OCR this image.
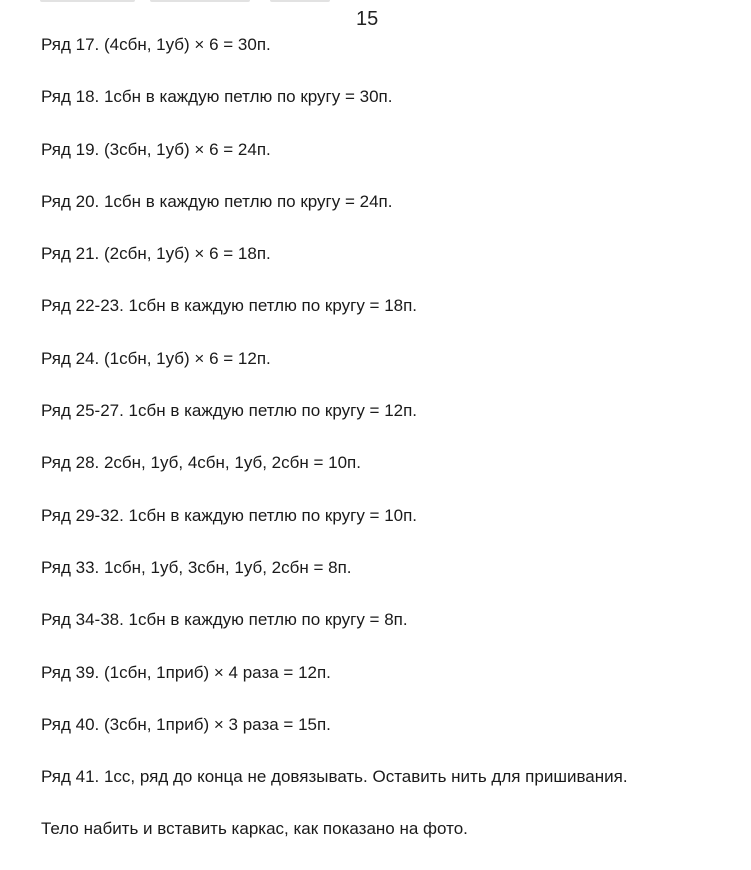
15
Ряд 17. (4сбн, 1уб) × 6 = 30п.
Ряд 18. 1сбн в каждую петлю по кругу = 30п.
Ряд 19. (3сбн, 1уб) × 6 = 24п.
Ряд 20. 1сбн в каждую петлю по кругу = 24п.
Ряд 21. (2сбн, 1уб) × 6 = 18п.
Ряд 22-23. 1сбн в каждую петлю по кругу = 18п.
Ряд 24. (1сбн, 1уб) × 6 = 12п.
Ряд 25-27. 1сбн в каждую петлю по кругу = 12п.
Ряд 28. 2сбн, 1уб, 4сбн, 1уб, 2сбн = 10п.
Ряд 29-32. 1сбн в каждую петлю по кругу = 10п.
Ряд 33. 1сбн, 1уб, 3сбн, 1уб, 2сбн = 8п.
Ряд 34-38. 1сбн в каждую петлю по кругу = 8п.
Ряд 39. (1сбн, 1приб) × 4 раза = 12п.
Ряд 40. (3сбн, 1приб) × 3 раза = 15п.
Ряд 41. 1сс, ряд до конца не довязывать. Оставить нить для пришивания.
Тело набить и вставить каркас, как показано на фото.
